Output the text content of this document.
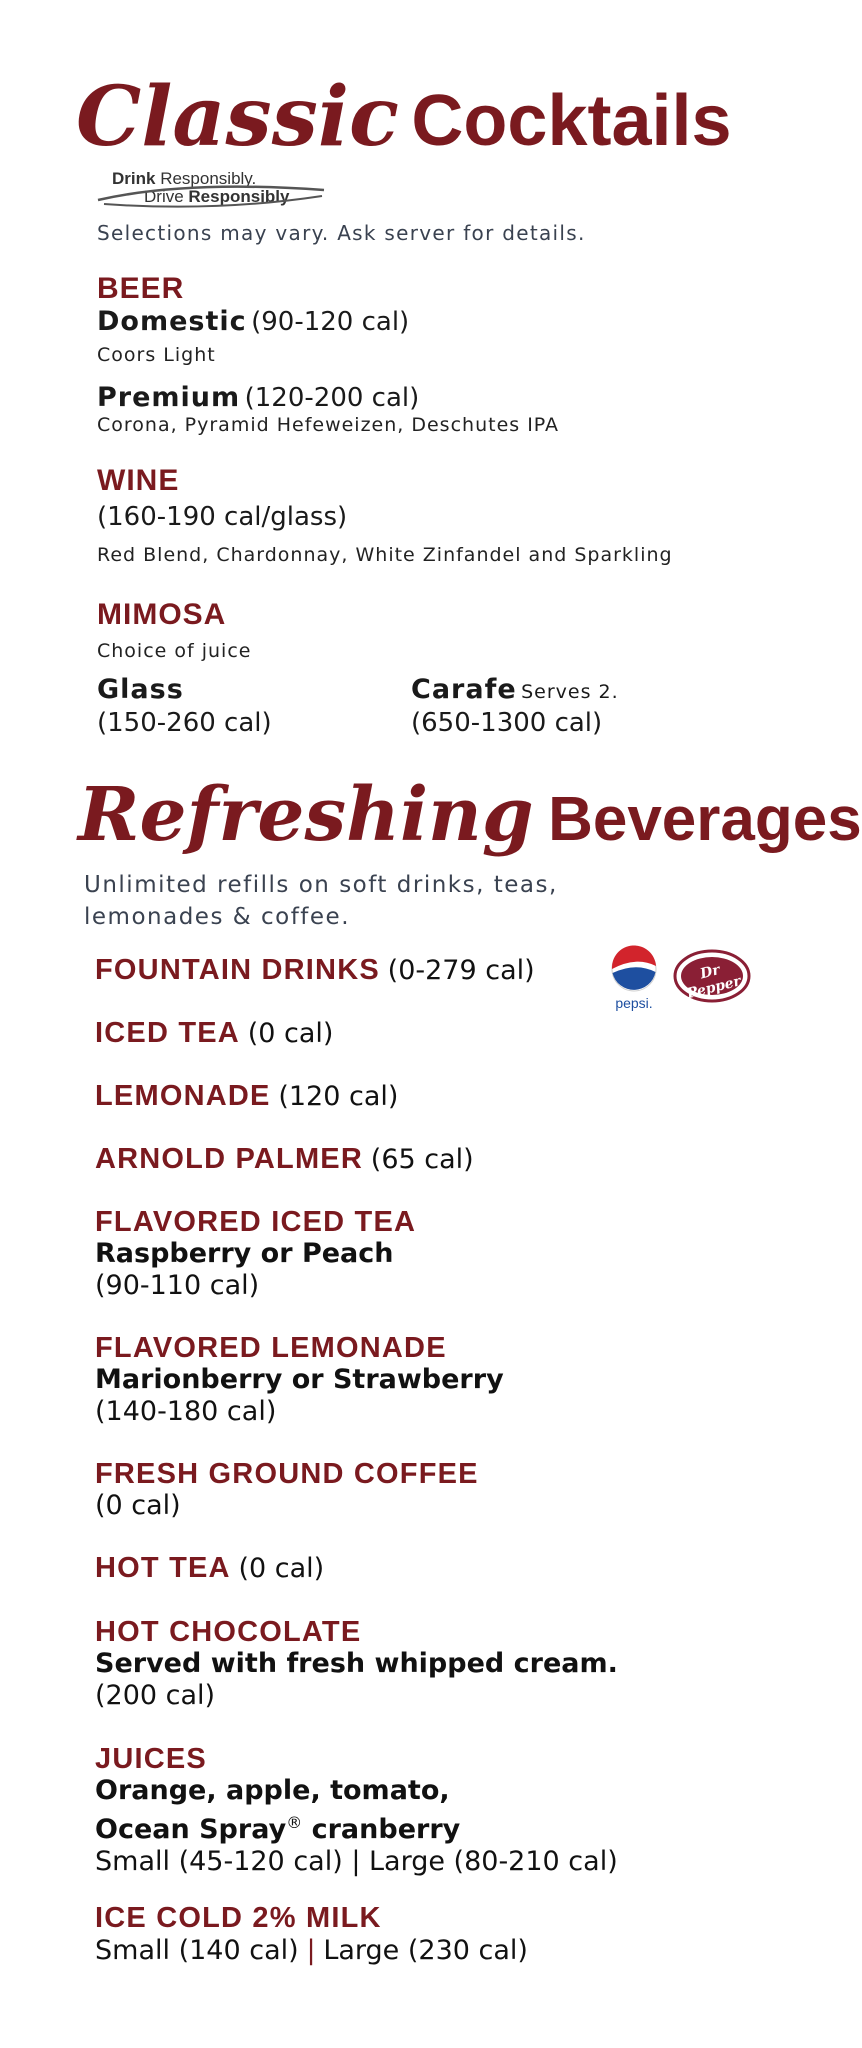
Classic Cocktails
Drink Responsibly.
Drive Responsibly
Selections may vary. Ask server for details.
BEER
Domestic (90-120 cal)
Coors Light
Premium (120-200 cal)
Corona, Pyramid Hefeweizen, Deschutes IPA
WINE
(160-190 cal/glass)
Red Blend, Chardonnay, White Zinfandel and Sparkling
MIMOSA
Choice of juice
Glass
(150-260 cal)
Carafe Serves 2.
(650-1300 cal)
Refreshing Beverages
Unlimited refills on soft drinks, teas,
lemonades & coffee.
pepsi.
Dr Pepper
FOUNTAIN DRINKS (0-279 cal)
ICED TEA (0 cal)
LEMONADE (120 cal)
ARNOLD PALMER (65 cal)
FLAVORED ICED TEA
Raspberry or Peach
(90-110 cal)
FLAVORED LEMONADE
Marionberry or Strawberry
(140-180 cal)
FRESH GROUND COFFEE
(0 cal)
HOT TEA (0 cal)
HOT CHOCOLATE
Served with fresh whipped cream.
(200 cal)
JUICES
Orange, apple, tomato,
Ocean Spray® cranberry
Small (45-120 cal) | Large (80-210 cal)
ICE COLD 2% MILK
Small (140 cal) | Large (230 cal)
